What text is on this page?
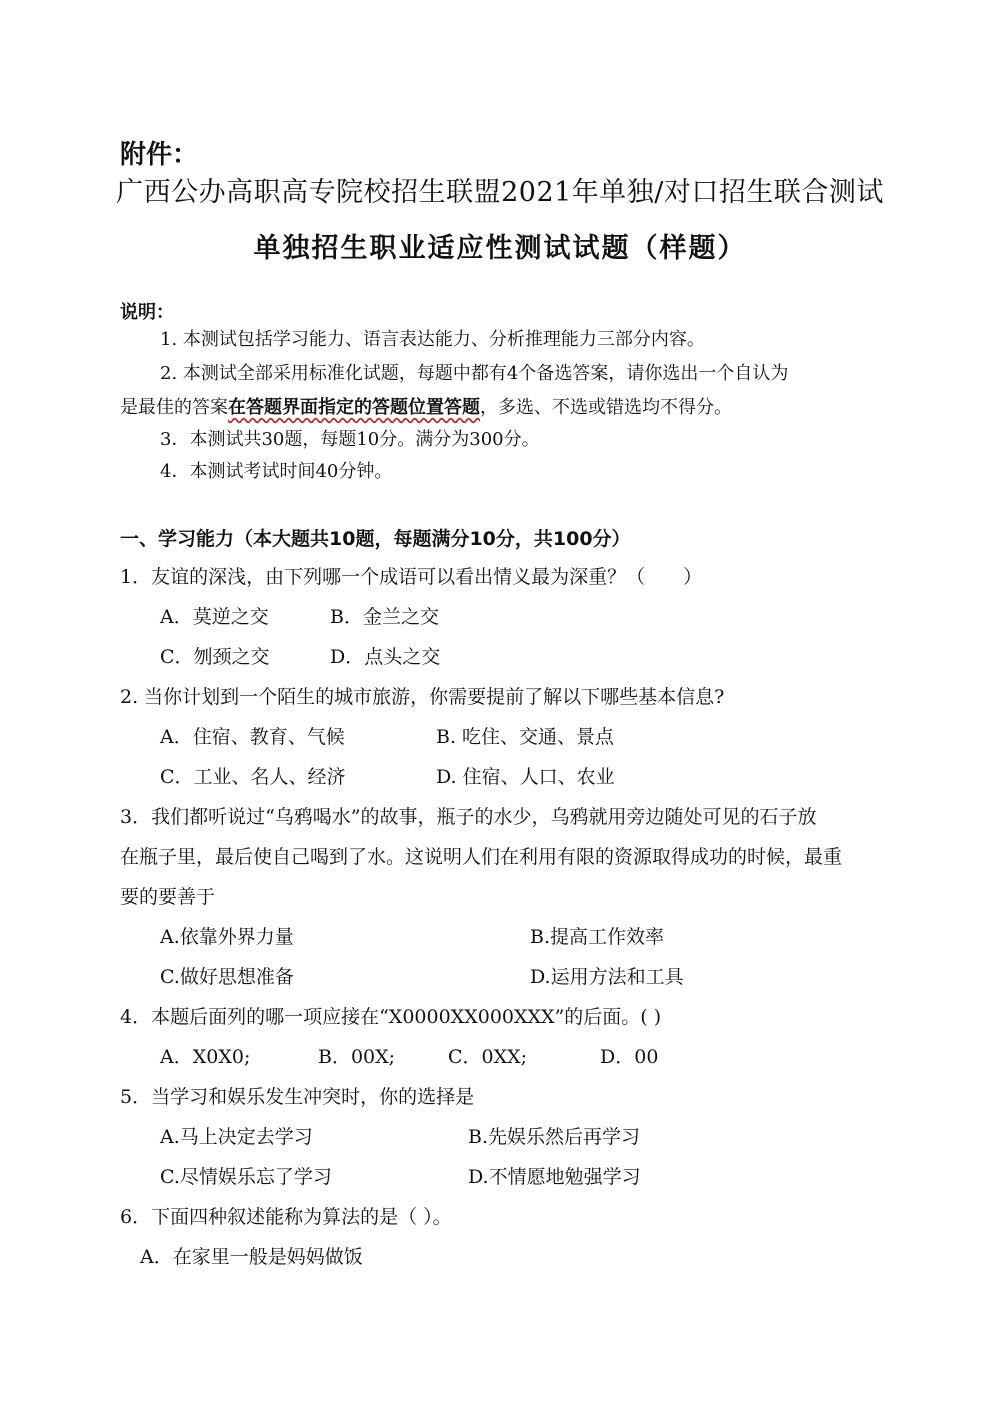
附件：
广西公办高职高专院校招生联盟2021年单独/对口招生联合测试
单独招生职业适应性测试试题（样题）
说明：
1. 本测试包括学习能力、语言表达能力、分析推理能力三部分内容。
2. 本测试全部采用标准化试题，每题中都有4个备选答案，请你选出一个自认为
是最佳的答案在答题界面指定的答题位置答题，多选、不选或错选均不得分。
3．本测试共30题，每题10分。满分为300分。
4．本测试考试时间40分钟。
一、学习能力（本大题共10题，每题满分10分，共100分）
1．友谊的深浅，由下列哪一个成语可以看出情义最为深重？（　　）
A．莫逆之交	B．金兰之交
C．刎颈之交	D．点头之交
2. 当你计划到一个陌生的城市旅游，你需要提前了解以下哪些基本信息?
A．住宿、教育、气候	B. 吃住、交通、景点
C．工业、名人、经济	D. 住宿、人口、农业
3．我们都听说过“乌鸦喝水”的故事，瓶子的水少，乌鸦就用旁边随处可见的石子放
在瓶子里，最后使自己喝到了水。这说明人们在利用有限的资源取得成功的时候，最重
要的要善于
A.依靠外界力量	B.提高工作效率
C.做好思想准备	D.运用方法和工具
4．本题后面列的哪一项应接在“X0000XX000XXX”的后面。( )
A．X0X0;	B．00X;	C．0XX;	D．00
5．当学习和娱乐发生冲突时，你的选择是
A.马上决定去学习	B.先娱乐然后再学习
C.尽情娱乐忘了学习	D.不情愿地勉强学习
6．下面四种叙述能称为算法的是（ ）。
A．在家里一般是妈妈做饭
